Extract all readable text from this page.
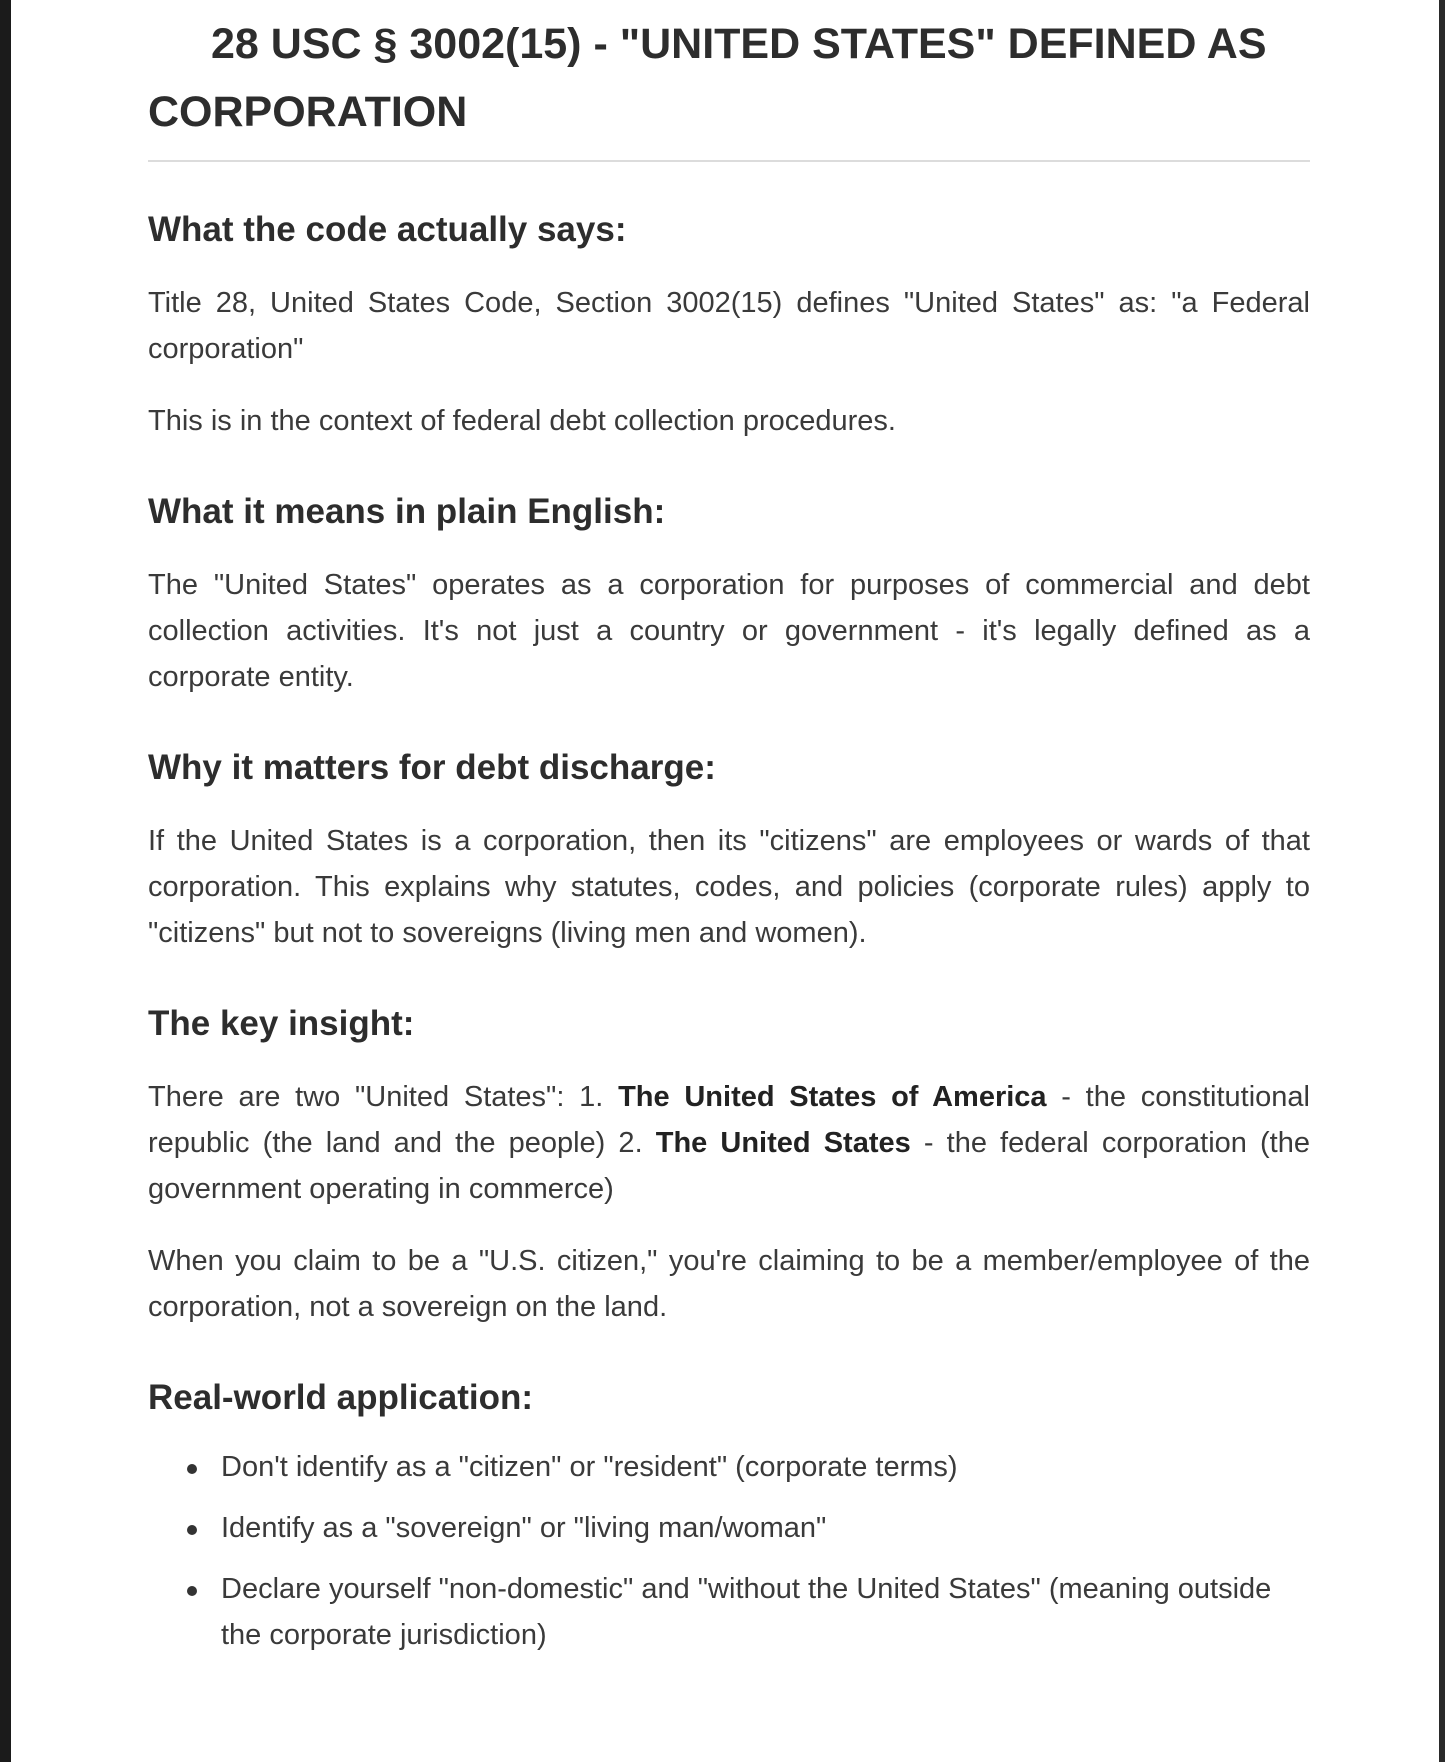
28 USC § 3002(15) - "UNITED STATES" DEFINED AS CORPORATION
What the code actually says:

Title 28, United States Code, Section 3002(15) defines "United States" as: "a Federal corporation"

This is in the context of federal debt collection procedures.

What it means in plain English:

The "United States" operates as a corporation for purposes of commercial and debt collection activities. It's not just a country or government - it's legally defined as a corporate entity.

Why it matters for debt discharge:

If the United States is a corporation, then its "citizens" are employees or wards of that corporation. This explains why statutes, codes, and policies (corporate rules) apply to "citizens" but not to sovereigns (living men and women).

The key insight:

There are two "United States": 1. The United States of America - the constitutional republic (the land and the people) 2. The United States - the federal corporation (the government operating in commerce)

When you claim to be a "U.S. citizen," you're claiming to be a member/employee of the corporation, not a sovereign on the land.

Real-world application:
Don't identify as a "citizen" or "resident" (corporate terms)
Identify as a "sovereign" or "living man/woman"
Declare yourself "non-domestic" and "without the United States" (meaning outside the corporate jurisdiction)
